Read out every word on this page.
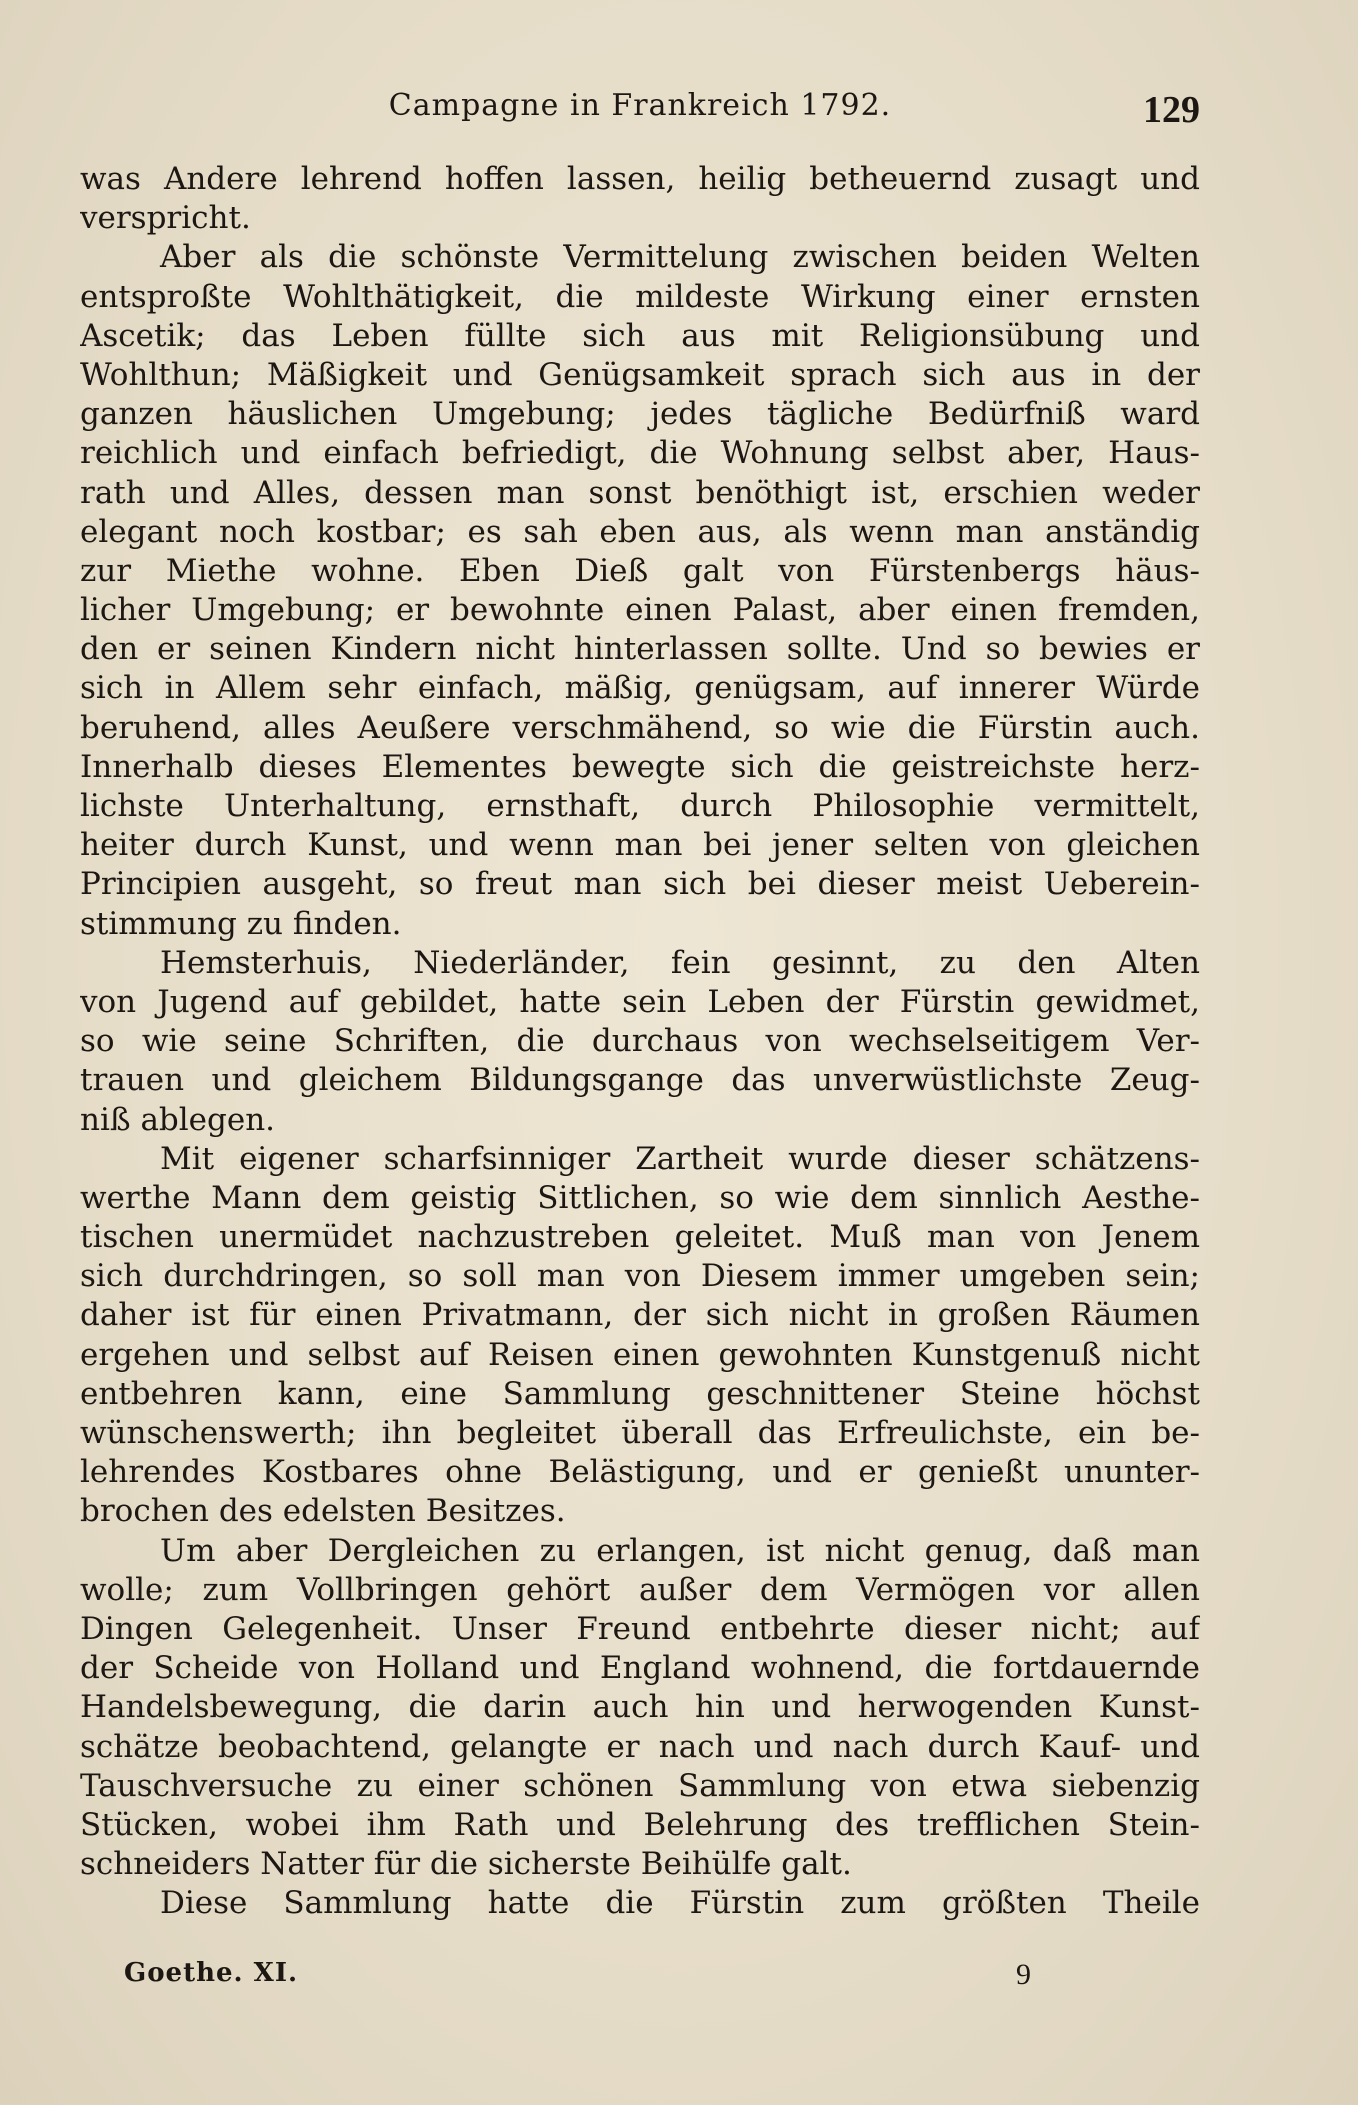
Campagne in Frankreich 1792.	129
was Andere lehrend hoffen lassen, heilig betheuernd zusagt und
verspricht.
Aber als die schönste Vermittelung zwischen beiden Welten
entsproßte Wohlthätigkeit, die mildeste Wirkung einer ernsten
Ascetik; das Leben füllte sich aus mit Religionsübung und
Wohlthun; Mäßigkeit und Genügsamkeit sprach sich aus in der
ganzen häuslichen Umgebung; jedes tägliche Bedürfniß ward
reichlich und einfach befriedigt, die Wohnung selbst aber, Haus-
rath und Alles, dessen man sonst benöthigt ist, erschien weder
elegant noch kostbar; es sah eben aus, als wenn man anständig
zur Miethe wohne. Eben Dieß galt von Fürstenbergs häus-
licher Umgebung; er bewohnte einen Palast, aber einen fremden,
den er seinen Kindern nicht hinterlassen sollte. Und so bewies er
sich in Allem sehr einfach, mäßig, genügsam, auf innerer Würde
beruhend, alles Aeußere verschmähend, so wie die Fürstin auch.
Innerhalb dieses Elementes bewegte sich die geistreichste herz-
lichste Unterhaltung, ernsthaft, durch Philosophie vermittelt,
heiter durch Kunst, und wenn man bei jener selten von gleichen
Principien ausgeht, so freut man sich bei dieser meist Ueberein-
stimmung zu finden.
Hemsterhuis, Niederländer, fein gesinnt, zu den Alten
von Jugend auf gebildet, hatte sein Leben der Fürstin gewidmet,
so wie seine Schriften, die durchaus von wechselseitigem Ver-
trauen und gleichem Bildungsgange das unverwüstlichste Zeug-
niß ablegen.
Mit eigener scharfsinniger Zartheit wurde dieser schätzens-
werthe Mann dem geistig Sittlichen, so wie dem sinnlich Aesthe-
tischen unermüdet nachzustreben geleitet. Muß man von Jenem
sich durchdringen, so soll man von Diesem immer umgeben sein;
daher ist für einen Privatmann, der sich nicht in großen Räumen
ergehen und selbst auf Reisen einen gewohnten Kunstgenuß nicht
entbehren kann, eine Sammlung geschnittener Steine höchst
wünschenswerth; ihn begleitet überall das Erfreulichste, ein be-
lehrendes Kostbares ohne Belästigung, und er genießt ununter-
brochen des edelsten Besitzes.
Um aber Dergleichen zu erlangen, ist nicht genug, daß man
wolle; zum Vollbringen gehört außer dem Vermögen vor allen
Dingen Gelegenheit. Unser Freund entbehrte dieser nicht; auf
der Scheide von Holland und England wohnend, die fortdauernde
Handelsbewegung, die darin auch hin und herwogenden Kunst-
schätze beobachtend, gelangte er nach und nach durch Kauf- und
Tauschversuche zu einer schönen Sammlung von etwa siebenzig
Stücken, wobei ihm Rath und Belehrung des trefflichen Stein-
schneiders Natter für die sicherste Beihülfe galt.
Diese Sammlung hatte die Fürstin zum größten Theile
Goethe. XI.	9
